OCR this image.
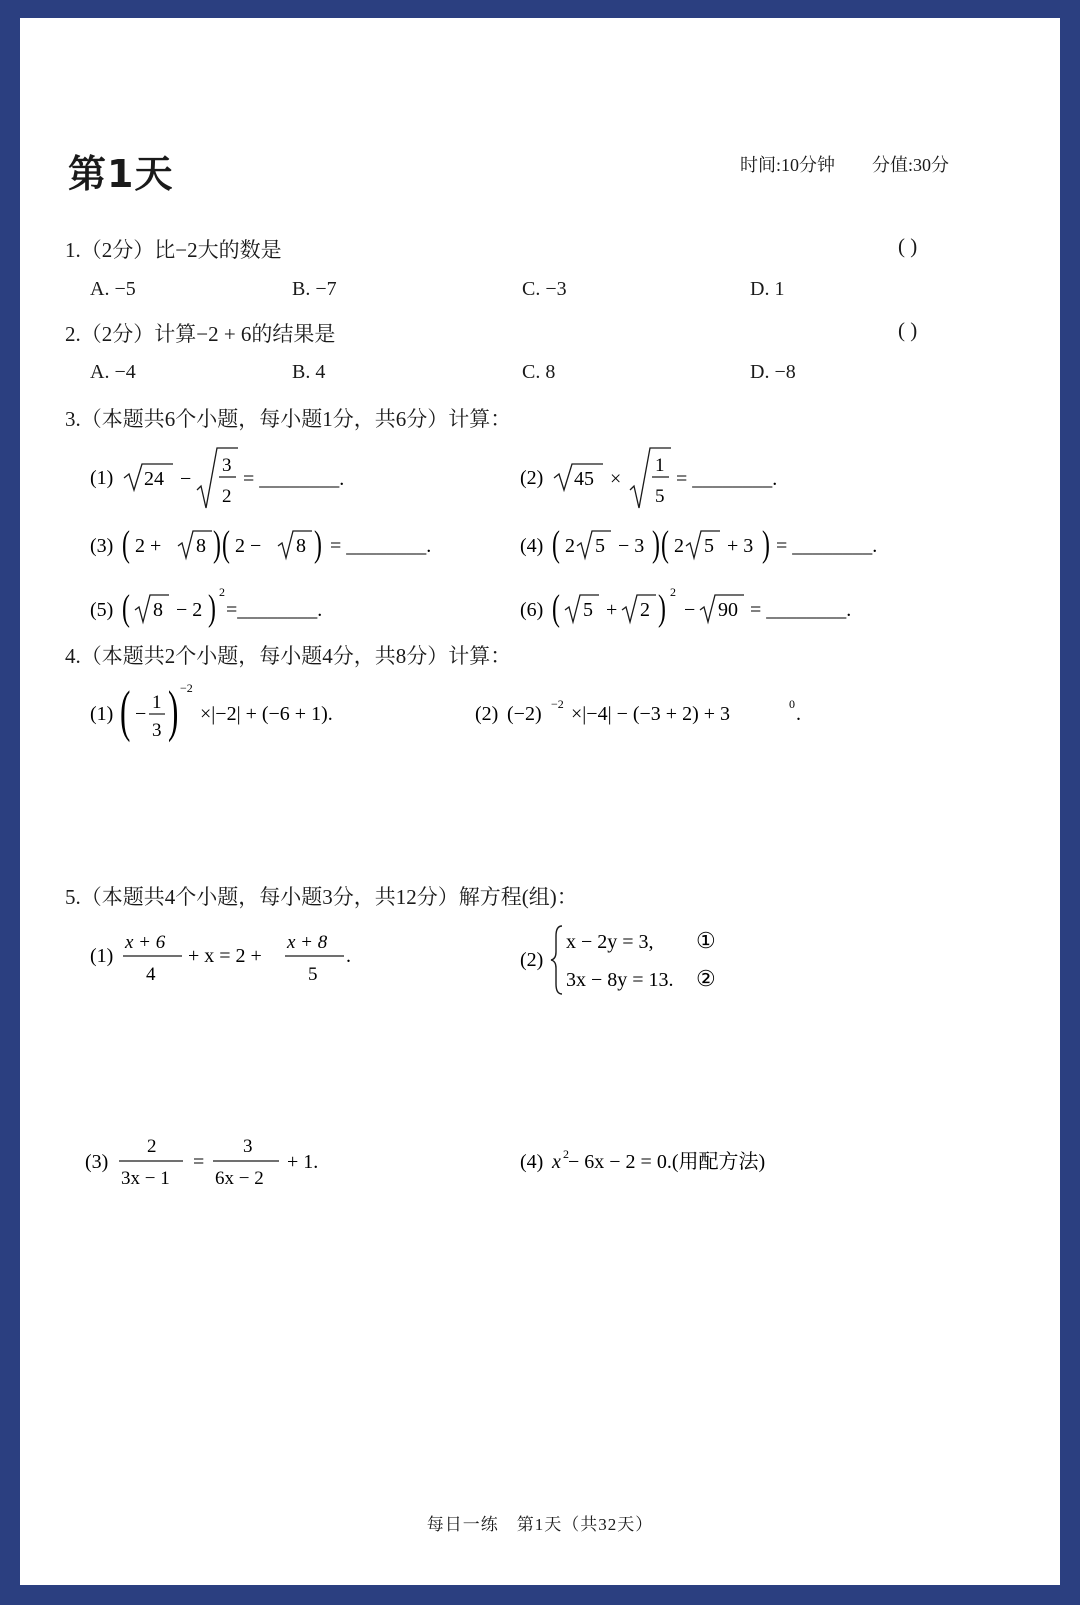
第1天	时间:10分钟 分值:30分
1.（2分）比−2大的数是	( )
A. −5	B. −7	C. −3	D. 1
2.（2分）计算−2 + 6的结果是	( )
A. −4	B. 4	C. 8	D. −8
3.（本题共6个小题，每小题1分，共6分）计算：
(1) 24 −
3
2
= ________.	(2) 45 ×
1
5
= ________.
(3) ( 2 + 8 ) ( 2 − 8 ) = ________.	(4) ( 2 5 − 3 ) ( 2 5 + 3 ) = ________.
(5) ( 8 − 2 ) 2
=________.	(6) ( 5 + 2 ) 2
− 90 = ________.
4.（本题共2个小题，每小题4分，共8分）计算：
(1) ( −
1
3 ) −2
×|−2| + (−6 + 1).	(2) (−2) −2 ×|−4| − (−3 + 2) + 3	0 .
5.（本题共4个小题，每小题3分，共12分）解方程(组)：
(1)
x + 6
4
+ x = 2 +
x + 8
5
.	(2)
x − 2y = 3, ①
3x − 8y = 13. ②
(3)
2
3x − 1
=
3
6x − 2
+ 1.	(4) x 2 − 6x − 2 = 0.(用配方法)
每日一练　第1天（共32天）
